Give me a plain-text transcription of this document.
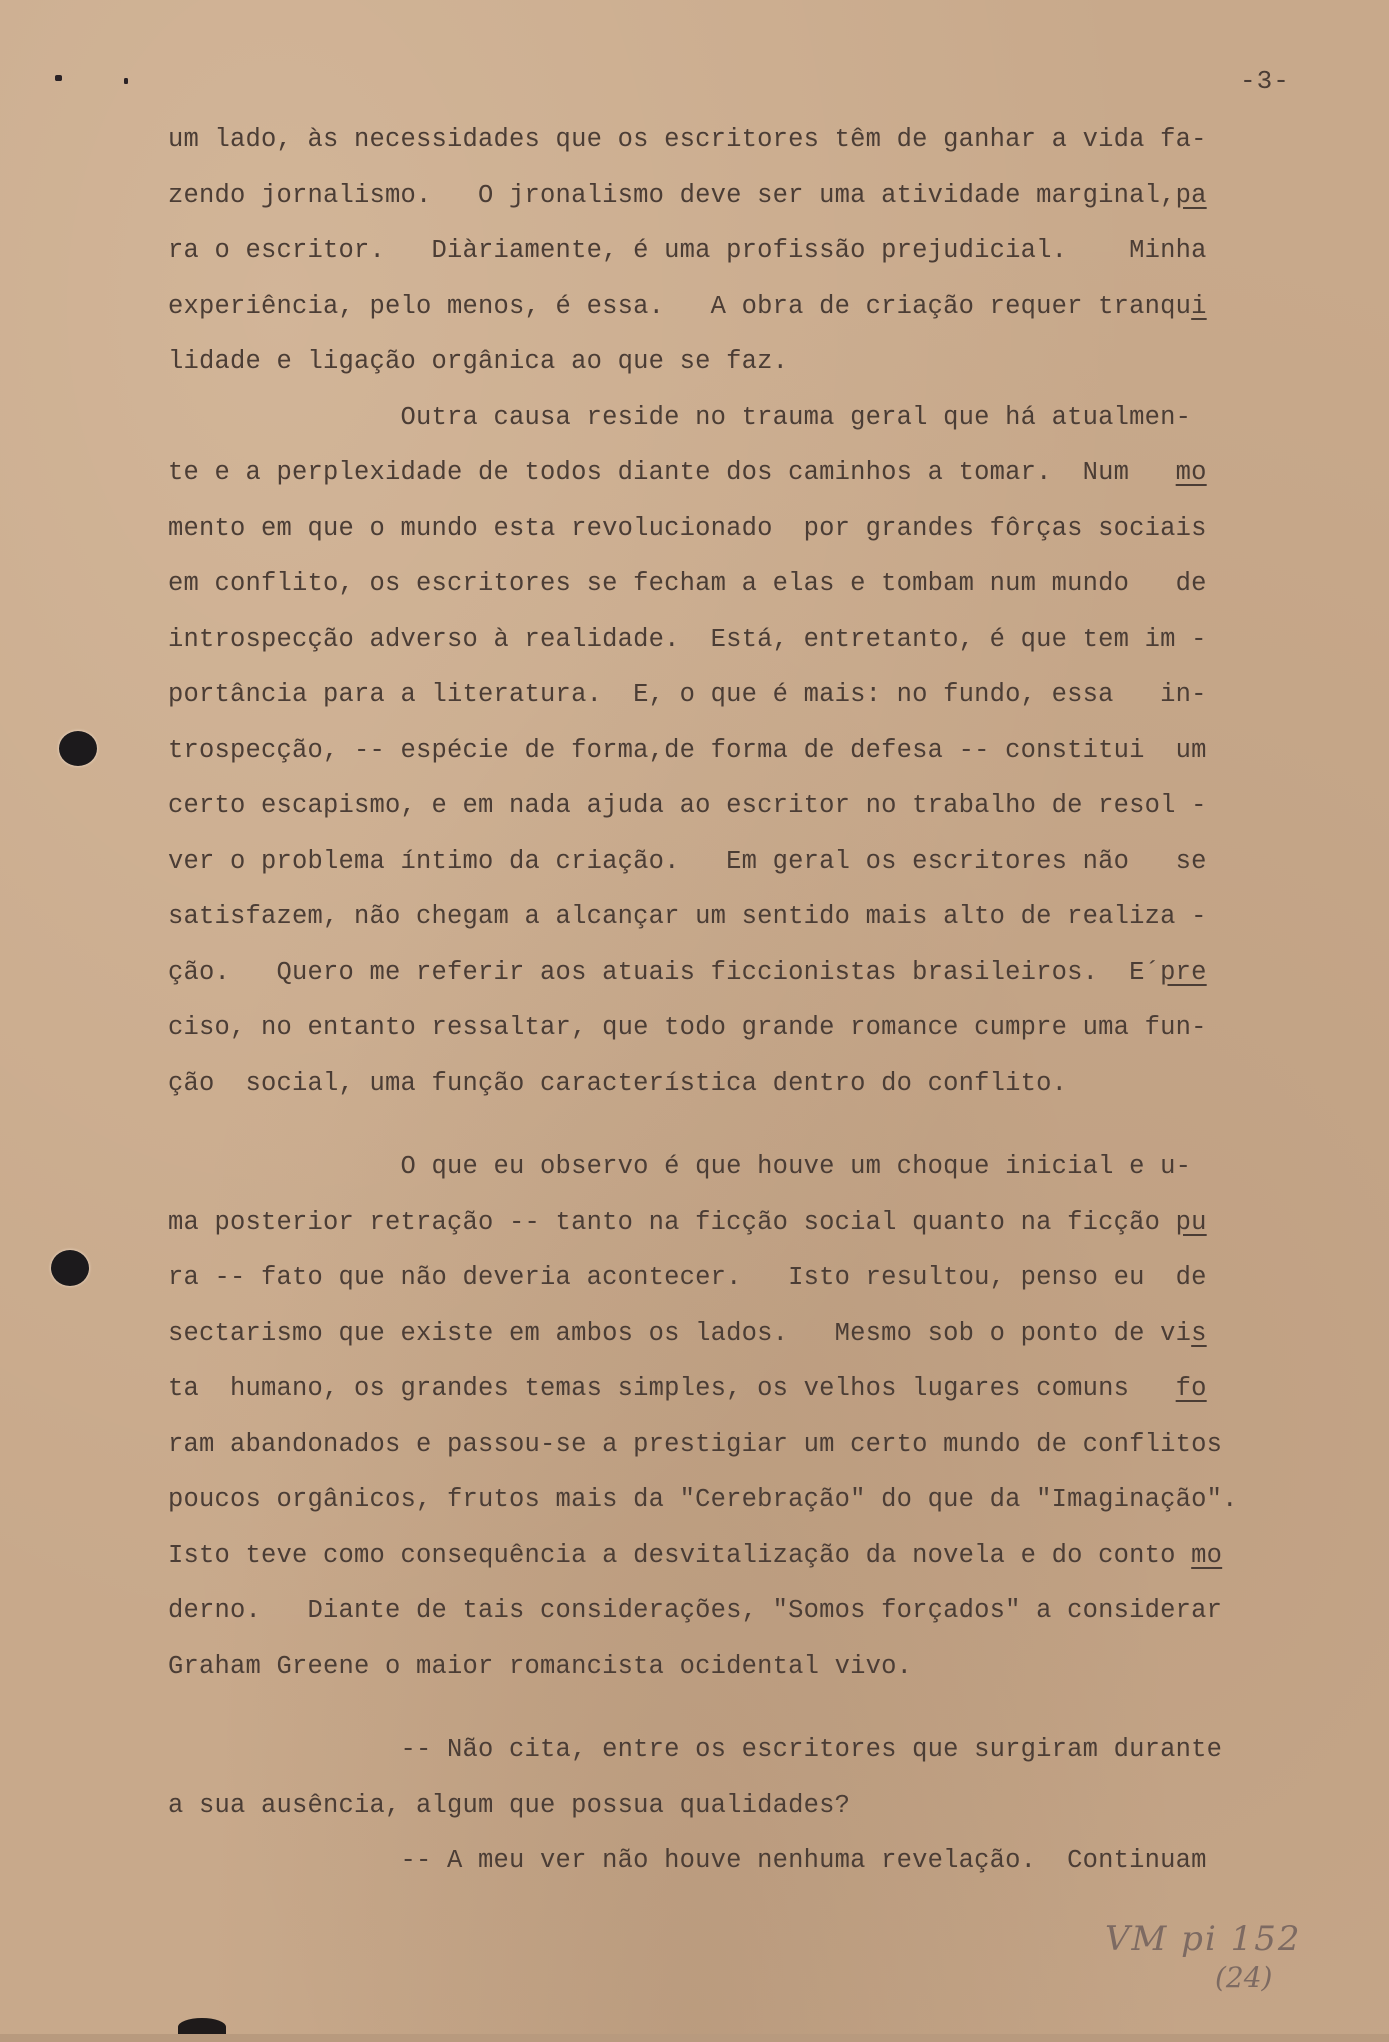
-3-
um lado, às necessidades que os escritores têm de ganhar a vida fa-
zendo jornalismo.   O jronalismo deve ser uma atividade marginal,pa
ra o escritor.   Diàriamente, é uma profissão prejudicial.    Minha
experiência, pelo menos, é essa.   A obra de criação requer tranqui
lidade e ligação orgânica ao que se faz.
Outra causa reside no trauma geral que há atualmen-
te e a perplexidade de todos diante dos caminhos a tomar.  Num   mo
mento em que o mundo esta revolucionado  por grandes fôrças sociais
em conflito, os escritores se fecham a elas e tombam num mundo   de
introspecção adverso à realidade.  Está, entretanto, é que tem im -
portância para a literatura.  E, o que é mais: no fundo, essa   in-
trospecção, -- espécie de forma,de forma de defesa -- constitui  um
certo escapismo, e em nada ajuda ao escritor no trabalho de resol -
ver o problema íntimo da criação.   Em geral os escritores não   se
satisfazem, não chegam a alcançar um sentido mais alto de realiza -
ção.   Quero me referir aos atuais ficcionistas brasileiros.  E´pre
ciso, no entanto ressaltar, que todo grande romance cumpre uma fun-
ção  social, uma função característica dentro do conflito.
O que eu observo é que houve um choque inicial e u-
ma posterior retração -- tanto na ficção social quanto na ficção pu
ra -- fato que não deveria acontecer.   Isto resultou, penso eu  de
sectarismo que existe em ambos os lados.   Mesmo sob o ponto de vis
ta  humano, os grandes temas simples, os velhos lugares comuns   fo
ram abandonados e passou-se a prestigiar um certo mundo de conflitos
poucos orgânicos, frutos mais da "Cerebração" do que da "Imaginação".
Isto teve como consequência a desvitalização da novela e do conto mo
derno.   Diante de tais considerações, "Somos forçados" a considerar
Graham Greene o maior romancista ocidental vivo.
-- Não cita, entre os escritores que surgiram durante
a sua ausência, algum que possua qualidades?
-- A meu ver não houve nenhuma revelação.  Continuam
VM pi 152
(24)
